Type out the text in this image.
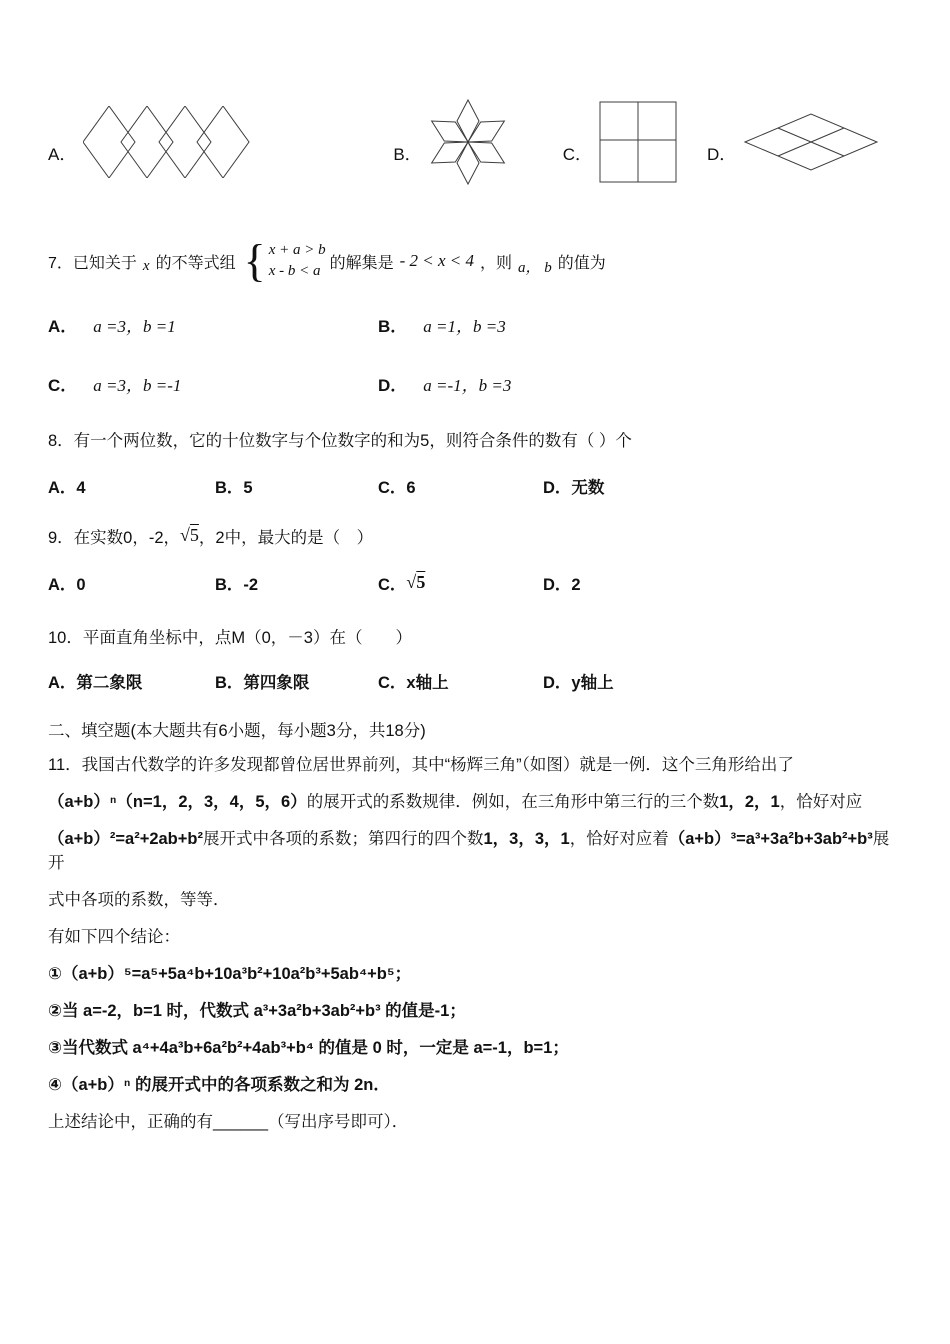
A．	B．	C．	D．
7．已知关于 x 的不等式组 { x + a > b
x - b < a 的解集是 - 2 < x < 4 ，则 a， b 的值为
A． a =3，b =1	B． a =1，b =3
C． a =3，b =-1	D． a =-1，b =3

8．有一个两位数，它的十位数字与个位数字的和为5，则符合条件的数有（ ）个

A．4	B．5	C．6	D．无数

9．在实数0，-2，√5，2中，最大的是（　）

A．0	B．-2	C．√5	D．2

10．平面直角坐标中，点M（0，－3）在（　　）

A．第二象限	B．第四象限	C．x轴上	D．y轴上

二、填空题(本大题共有6小题，每小题3分，共18分)

11．我国古代数学的许多发现都曾位居世界前列，其中“杨辉三角”（如图）就是一例．这个三角形给出了

（a+b）ⁿ（n=1，2，3，4，5，6）的展开式的系数规律．例如，在三角形中第三行的三个数1，2，1，恰好对应

（a+b）²=a²+2ab+b²展开式中各项的系数；第四行的四个数1，3，3，1，恰好对应着（a+b）³=a³+3a²b+3ab²+b³展开

式中各项的系数，等等．

有如下四个结论：

①（a+b）⁵=a⁵+5a⁴b+10a³b²+10a²b³+5ab⁴+b⁵；

②当 a=-2，b=1 时，代数式 a³+3a²b+3ab²+b³ 的值是-1；

③当代数式 a⁴+4a³b+6a²b²+4ab³+b⁴ 的值是 0 时，一定是 a=-1，b=1；

④（a+b）ⁿ 的展开式中的各项系数之和为 2n．

上述结论中，正确的有______（写出序号即可）．
